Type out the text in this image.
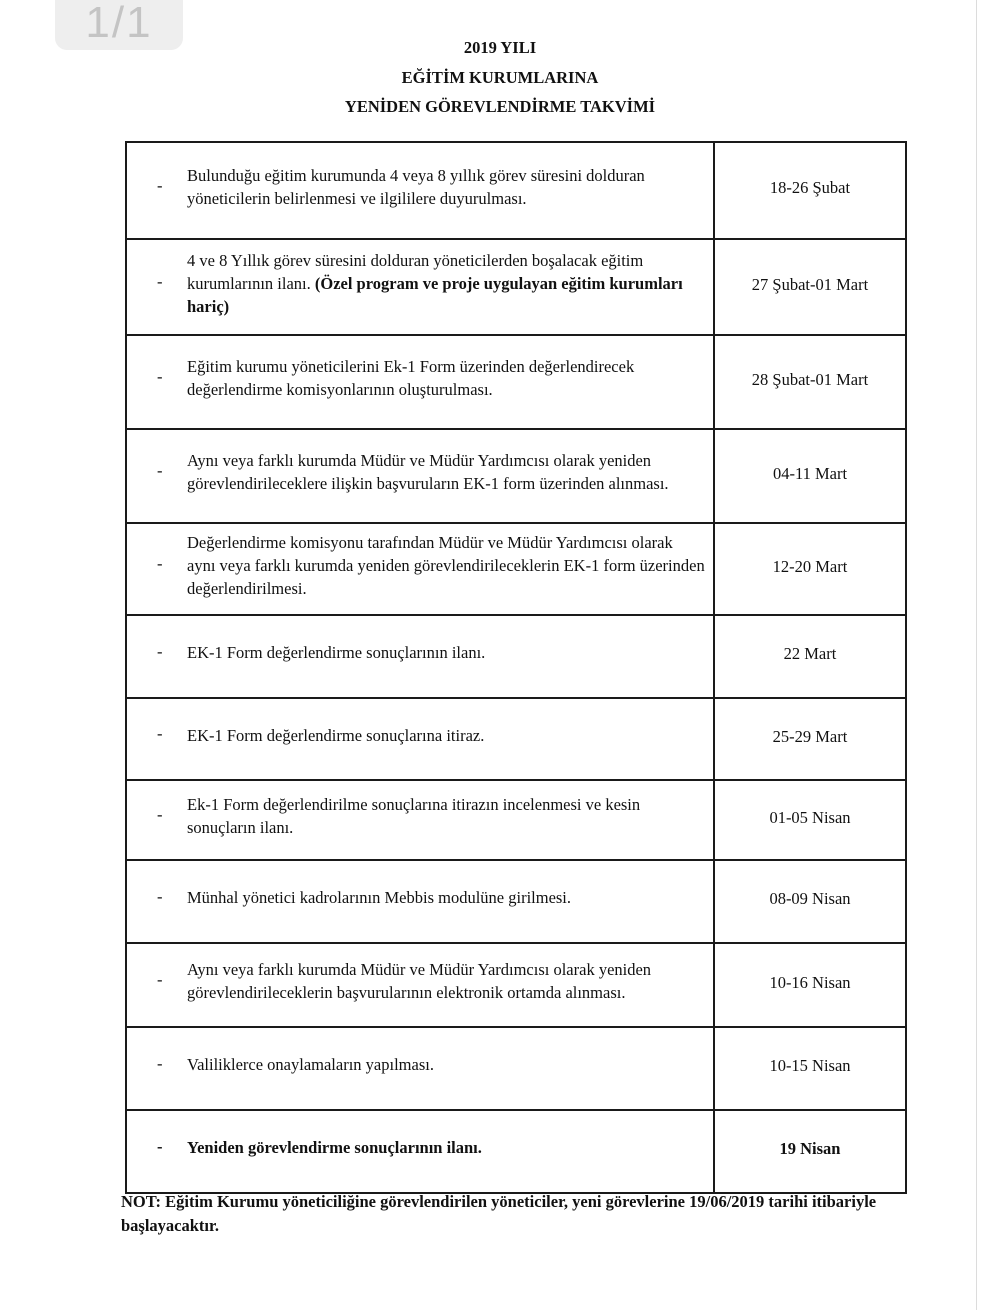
1/1
2019 YILI
EĞİTİM KURUMLARINA
YENİDEN GÖREVLENDİRME TAKVİMİ
-
Bulunduğu eğitim kurumunda 4 veya 8 yıllık görev süresini dolduran yöneticilerin belirlenmesi ve ilgililere duyurulması.	18-26 Şubat

-
4 ve 8 Yıllık görev süresini dolduran yöneticilerden boşalacak eğitim kurumlarının ilanı. (Özel program ve proje uygulayan eğitim kurumları hariç)	27 Şubat-01 Mart

-
Eğitim kurumu yöneticilerini Ek-1 Form üzerinden değerlendirecek değerlendirme komisyonlarının oluşturulması.	28 Şubat-01 Mart

-
Aynı veya farklı kurumda Müdür ve Müdür Yardımcısı olarak yeniden görevlendirileceklere ilişkin başvuruların EK-1 form üzerinden alınması.	04-11 Mart

-
Değerlendirme komisyonu tarafından Müdür ve Müdür Yardımcısı olarak aynı veya farklı kurumda yeniden görevlendirileceklerin EK-1 form üzerinden değerlendirilmesi.	12-20 Mart

- EK-1 Form değerlendirme sonuçlarının ilanı.	22 Mart

- EK-1 Form değerlendirme sonuçlarına itiraz.	25-29 Mart

-
Ek-1 Form değerlendirilme sonuçlarına itirazın incelenmesi ve kesin sonuçların ilanı.	01-05 Nisan

- Münhal yönetici kadrolarının Mebbis modulüne girilmesi.	08-09 Nisan

-
Aynı veya farklı kurumda Müdür ve Müdür Yardımcısı olarak yeniden görevlendirileceklerin başvurularının elektronik ortamda alınması.	10-16 Nisan

- Valiliklerce onaylamaların yapılması.	10-15 Nisan

- Yeniden görevlendirme sonuçlarının ilanı.	19 Nisan
NOT: Eğitim Kurumu yöneticiliğine görevlendirilen yöneticiler, yeni görevlerine 19/06/2019 tarihi itibariyle başlayacaktır.
